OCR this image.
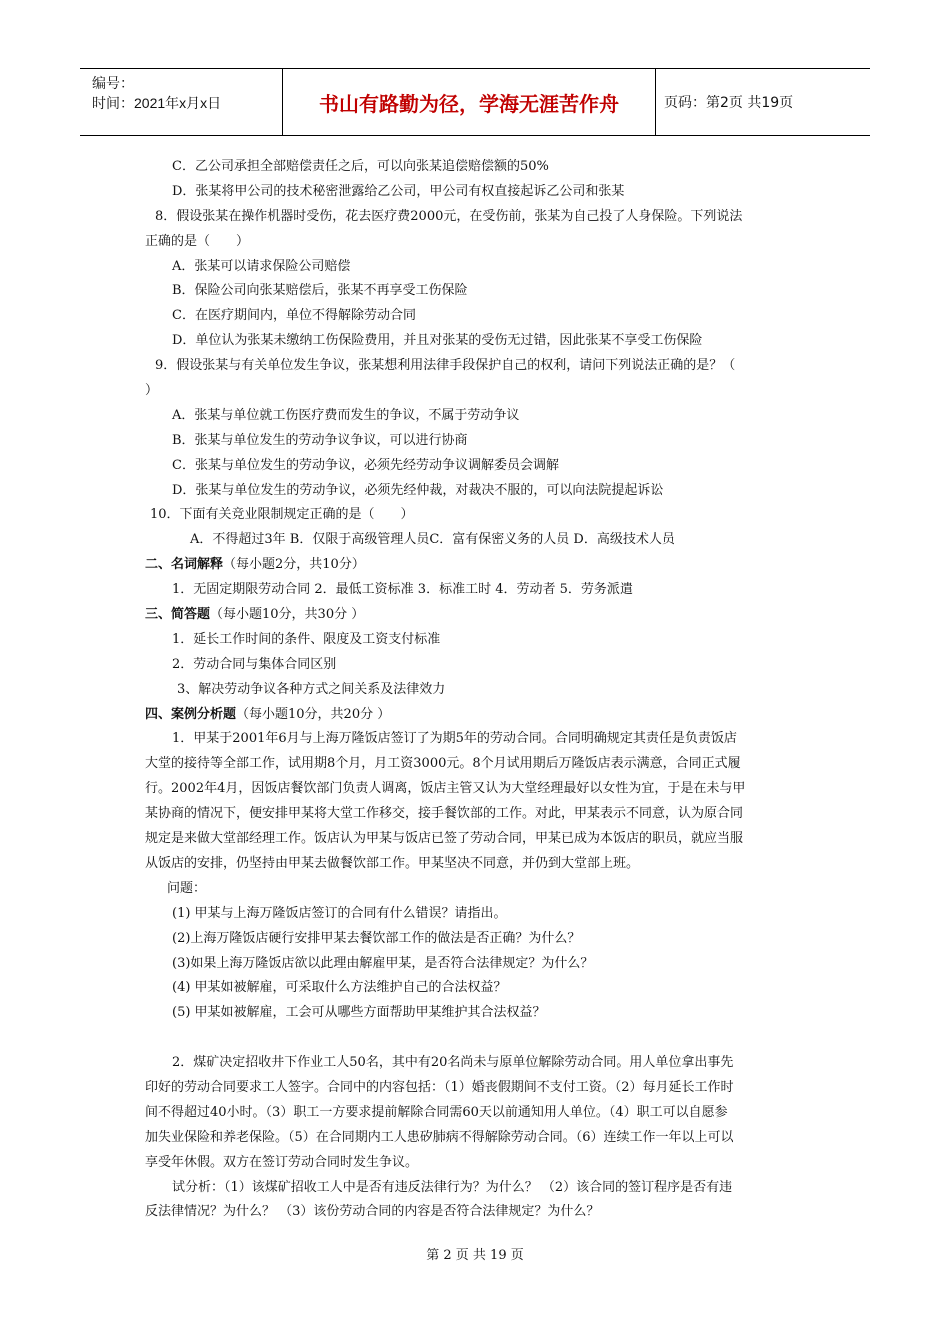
编号：
时间：2021年x月x日	书山有路勤为径，学海无涯苦作舟	页码：第2页 共19页
C．乙公司承担全部赔偿责任之后，可以向张某追偿赔偿额的50%
D．张某将甲公司的技术秘密泄露给乙公司，甲公司有权直接起诉乙公司和张某
8．假设张某在操作机器时受伤，花去医疗费2000元，在受伤前，张某为自己投了人身保险。下列说法
正确的是（　　）
A．张某可以请求保险公司赔偿
B．保险公司向张某赔偿后，张某不再享受工伤保险
C．在医疗期间内，单位不得解除劳动合同
D．单位认为张某未缴纳工伤保险费用，并且对张某的受伤无过错，因此张某不享受工伤保险
9．假设张某与有关单位发生争议，张某想利用法律手段保护自己的权利，请问下列说法正确的是？（
）
A．张某与单位就工伤医疗费而发生的争议，不属于劳动争议
B．张某与单位发生的劳动争议争议，可以进行协商
C．张某与单位发生的劳动争议，必须先经劳动争议调解委员会调解
D．张某与单位发生的劳动争议，必须先经仲裁，对裁决不服的，可以向法院提起诉讼
10．下面有关竞业限制规定正确的是（　　）
A．不得超过3年 B．仅限于高级管理人员C．富有保密义务的人员 D．高级技术人员
二、名词解释（每小题2分，共10分）
1．无固定期限劳动合同 2．最低工资标准 3．标准工时 4．劳动者 5．劳务派遣
三、简答题（每小题10分，共30分 ）
1．延长工作时间的条件、限度及工资支付标准
2．劳动合同与集体合同区别
3、解决劳动争议各种方式之间关系及法律效力
四、案例分析题（每小题10分，共20分 ）
1．甲某于2001年6月与上海万隆饭店签订了为期5年的劳动合同。合同明确规定其责任是负责饭店
大堂的接待等全部工作，试用期8个月，月工资3000元。8个月试用期后万隆饭店表示满意，合同正式履
行。2002年4月，因饭店餐饮部门负责人调离，饭店主管又认为大堂经理最好以女性为宜，于是在未与甲
某协商的情况下，便安排甲某将大堂工作移交，接手餐饮部的工作。对此，甲某表示不同意，认为原合同
规定是来做大堂部经理工作。饭店认为甲某与饭店已签了劳动合同，甲某已成为本饭店的职员，就应当服
从饭店的安排，仍坚持由甲某去做餐饮部工作。甲某坚决不同意，并仍到大堂部上班。
问题：
(1) 甲某与上海万隆饭店签订的合同有什么错误？请指出。
(2)上海万隆饭店硬行安排甲某去餐饮部工作的做法是否正确？为什么？
(3)如果上海万隆饭店欲以此理由解雇甲某，是否符合法律规定？为什么？
(4) 甲某如被解雇，可采取什么方法维护自己的合法权益？
(5) 甲某如被解雇，工会可从哪些方面帮助甲某维护其合法权益？
2．煤矿决定招收井下作业工人50名，其中有20名尚未与原单位解除劳动合同。用人单位拿出事先
印好的劳动合同要求工人签字。合同中的内容包括：（1）婚丧假期间不支付工资。（2）每月延长工作时
间不得超过40小时。（3）职工一方要求提前解除合同需60天以前通知用人单位。（4）职工可以自愿参
加失业保险和养老保险。（5）在合同期内工人患矽肺病不得解除劳动合同。（6）连续工作一年以上可以
享受年休假。双方在签订劳动合同时发生争议。
试分析：（1）该煤矿招收工人中是否有违反法律行为？为什么？ （2）该合同的签订程序是否有违
反法律情况？为什么？ （3）该份劳动合同的内容是否符合法律规定？为什么？
第 2 页 共 19 页
